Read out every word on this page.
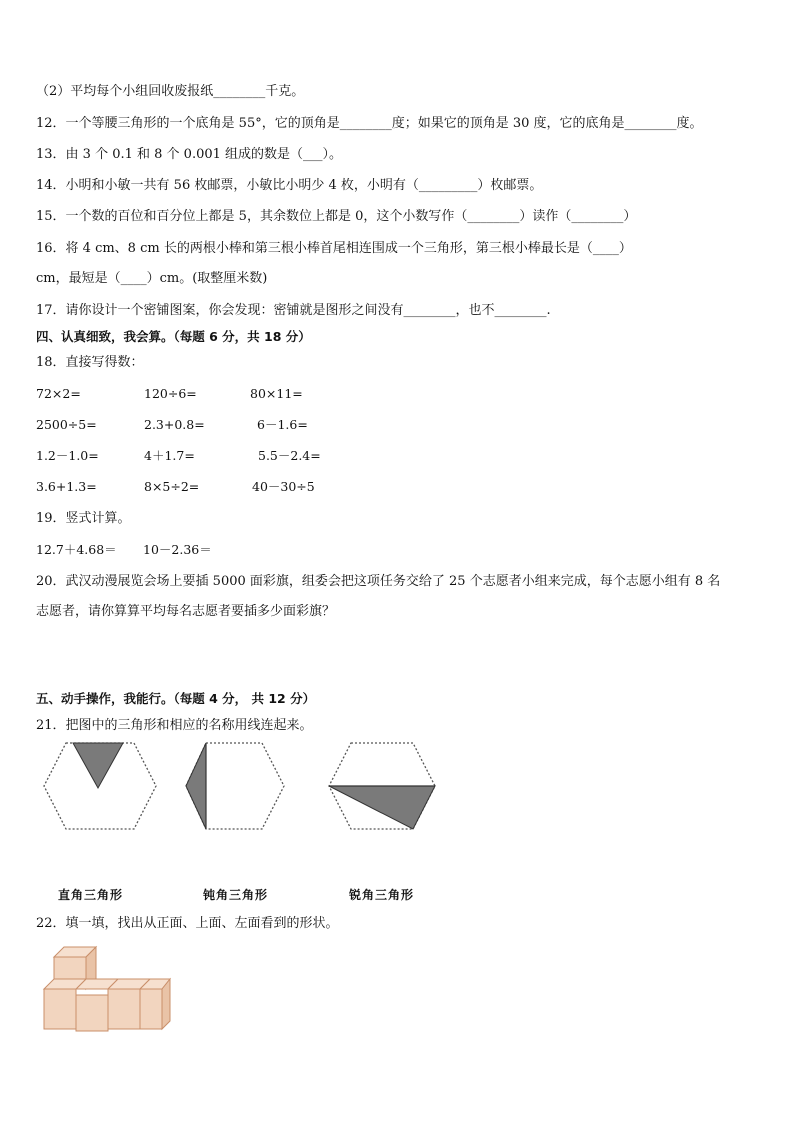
（2）平均每个小组回收废报纸________千克。
12．一个等腰三角形的一个底角是 55°，它的顶角是________度；如果它的顶角是 30 度，它的底角是________度。
13．由 3 个 0.1 和 8 个 0.001 组成的数是（___）。
14．小明和小敏一共有 56 枚邮票，小敏比小明少 4 枚，小明有（_________）枚邮票。
15．一个数的百位和百分位上都是 5，其余数位上都是 0，这个小数写作（________）读作（________）
16．将 4 cm、8 cm 长的两根小棒和第三根小棒首尾相连围成一个三角形，第三根小棒最长是（____）
cm，最短是（____）cm。(取整厘米数)
17．请你设计一个密铺图案，你会发现：密铺就是图形之间没有________，也不________.
四、认真细致，我会算。（每题 6 分，共 18 分）
18．直接写得数：
72×2=	120÷6=	80×11=
2500÷5=	2.3+0.8=	6－1.6=
1.2－1.0=	4＋1.7=	5.5－2.4=
3.6+1.3=	8×5÷2=	40－30÷5
19．竖式计算。
12.7＋4.68＝ 10－2.36＝
20．武汉动漫展览会场上要插 5000 面彩旗，组委会把这项任务交给了 25 个志愿者小组来完成，每个志愿小组有 8 名
志愿者，请你算算平均每名志愿者要插多少面彩旗？
五、动手操作，我能行。（每题 4 分， 共 12 分）
21．把图中的三角形和相应的名称用线连起来。
直角三角形	钝角三角形	锐角三角形
22．填一填，找出从正面、上面、左面看到的形状。
